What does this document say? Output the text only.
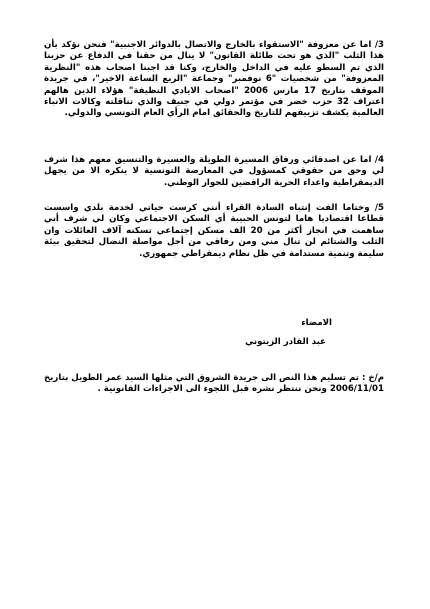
3/ اما عن معزوفة "الاستقواء بالخارج والاتصال بالدوائر الاجنبية" فنحن نؤكد بأن هذا الثلب "الذي هو تحت طائلة القانون" لا ينال من حقنا في الدفاع عن حزبنا الذي تم السطو عليه في الداخل والخارج، وكنا قد اجبنا اصحاب هذه "النظرية المعزوفة" من شخصيات "6 نوفمبر" وجماعة "الربع الساعة الاخير"، في جريدة الموقف بتاريخ 17 مارس 2006 "اصحاب الايادي النظيفة" هؤلاء الذين هالهم اعتراف 32 حزب خضر في مؤتمر دولي في جنيف والذي تناقلته وكالات الانباء العالمية يكشف تزييفهم للتاريخ والحقائق امام الرأي العام التونسي والدولي.
4/ اما عن اصدقائي ورفاق المسيرة الطويلة والعسيرة والتنسيق معهم هذا شرف لي وحق من حقوقي كمسؤول في المعارضة التونسية لا ينكره الا من يجهل الديمقراطية واعداء الحرية الرافضين للحوار الوطني.
5/ وختاما الفت إنتباه السادة القراء أنني كرست حياتي لخدمة بلدي واسست قطاعا اقتصاديا هاما لتونس الحبيبة أي السكن الاجتماعي وكان لي شرف أني ساهمت في انجاز أكثر من 20 الف مسكن إجتماعي تسكنه آلاف العائلات وان الثلب والشتائم لن تنال مني ومن رفاقي من أجل مواصلة النضال لتحقيق بيئة سليمة وتنمية مستدامة في ظل نظام ديمقراطي جمهوري.
الامضاء
عبد القادر الزيتوني
م/خ : تم تسليم هذا النص الى جريدة الشروق التي مثلها السيد عمر الطويل بتاريخ 2006/11/01 ونحن ننتظر نشره قبل اللجوء الى الاجراءات القانونية .
